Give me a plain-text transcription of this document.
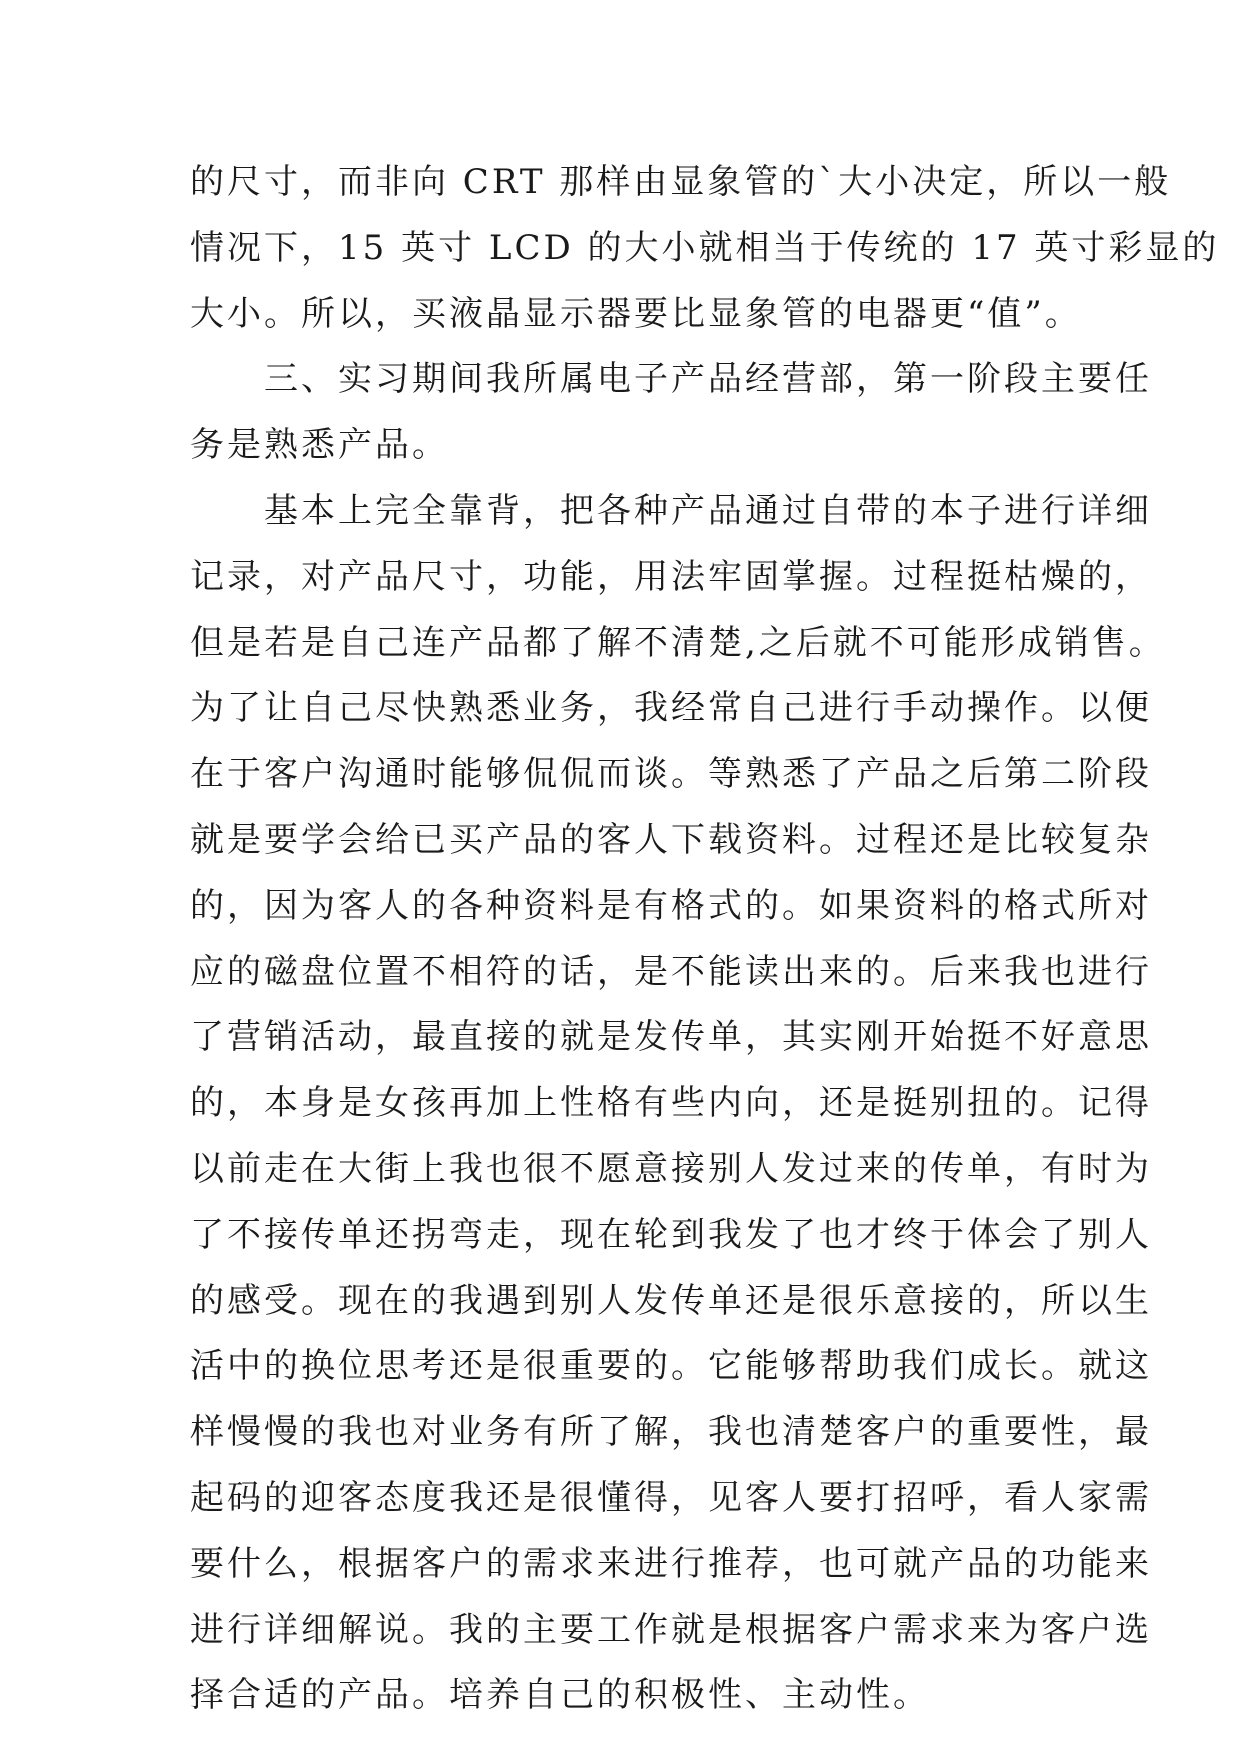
的尺寸，而非向 CRT 那样由显象管的`大小决定，所以一般
情况下，15 英寸 LCD 的大小就相当于传统的 17 英寸彩显的
大小。所以，买液晶显示器要比显象管的电器更“值”。
　　三、实习期间我所属电子产品经营部，第一阶段主要任
务是熟悉产品。
　　基本上完全靠背，把各种产品通过自带的本子进行详细
记录，对产品尺寸，功能，用法牢固掌握。过程挺枯燥的，
但是若是自己连产品都了解不清楚,之后就不可能形成销售。
为了让自己尽快熟悉业务，我经常自己进行手动操作。以便
在于客户沟通时能够侃侃而谈。等熟悉了产品之后第二阶段
就是要学会给已买产品的客人下载资料。过程还是比较复杂
的，因为客人的各种资料是有格式的。如果资料的格式所对
应的磁盘位置不相符的话，是不能读出来的。后来我也进行
了营销活动，最直接的就是发传单，其实刚开始挺不好意思
的，本身是女孩再加上性格有些内向，还是挺别扭的。记得
以前走在大街上我也很不愿意接别人发过来的传单，有时为
了不接传单还拐弯走，现在轮到我发了也才终于体会了别人
的感受。现在的我遇到别人发传单还是很乐意接的，所以生
活中的换位思考还是很重要的。它能够帮助我们成长。就这
样慢慢的我也对业务有所了解，我也清楚客户的重要性，最
起码的迎客态度我还是很懂得，见客人要打招呼，看人家需
要什么，根据客户的需求来进行推荐，也可就产品的功能来
进行详细解说。我的主要工作就是根据客户需求来为客户选
择合适的产品。培养自己的积极性、主动性。
